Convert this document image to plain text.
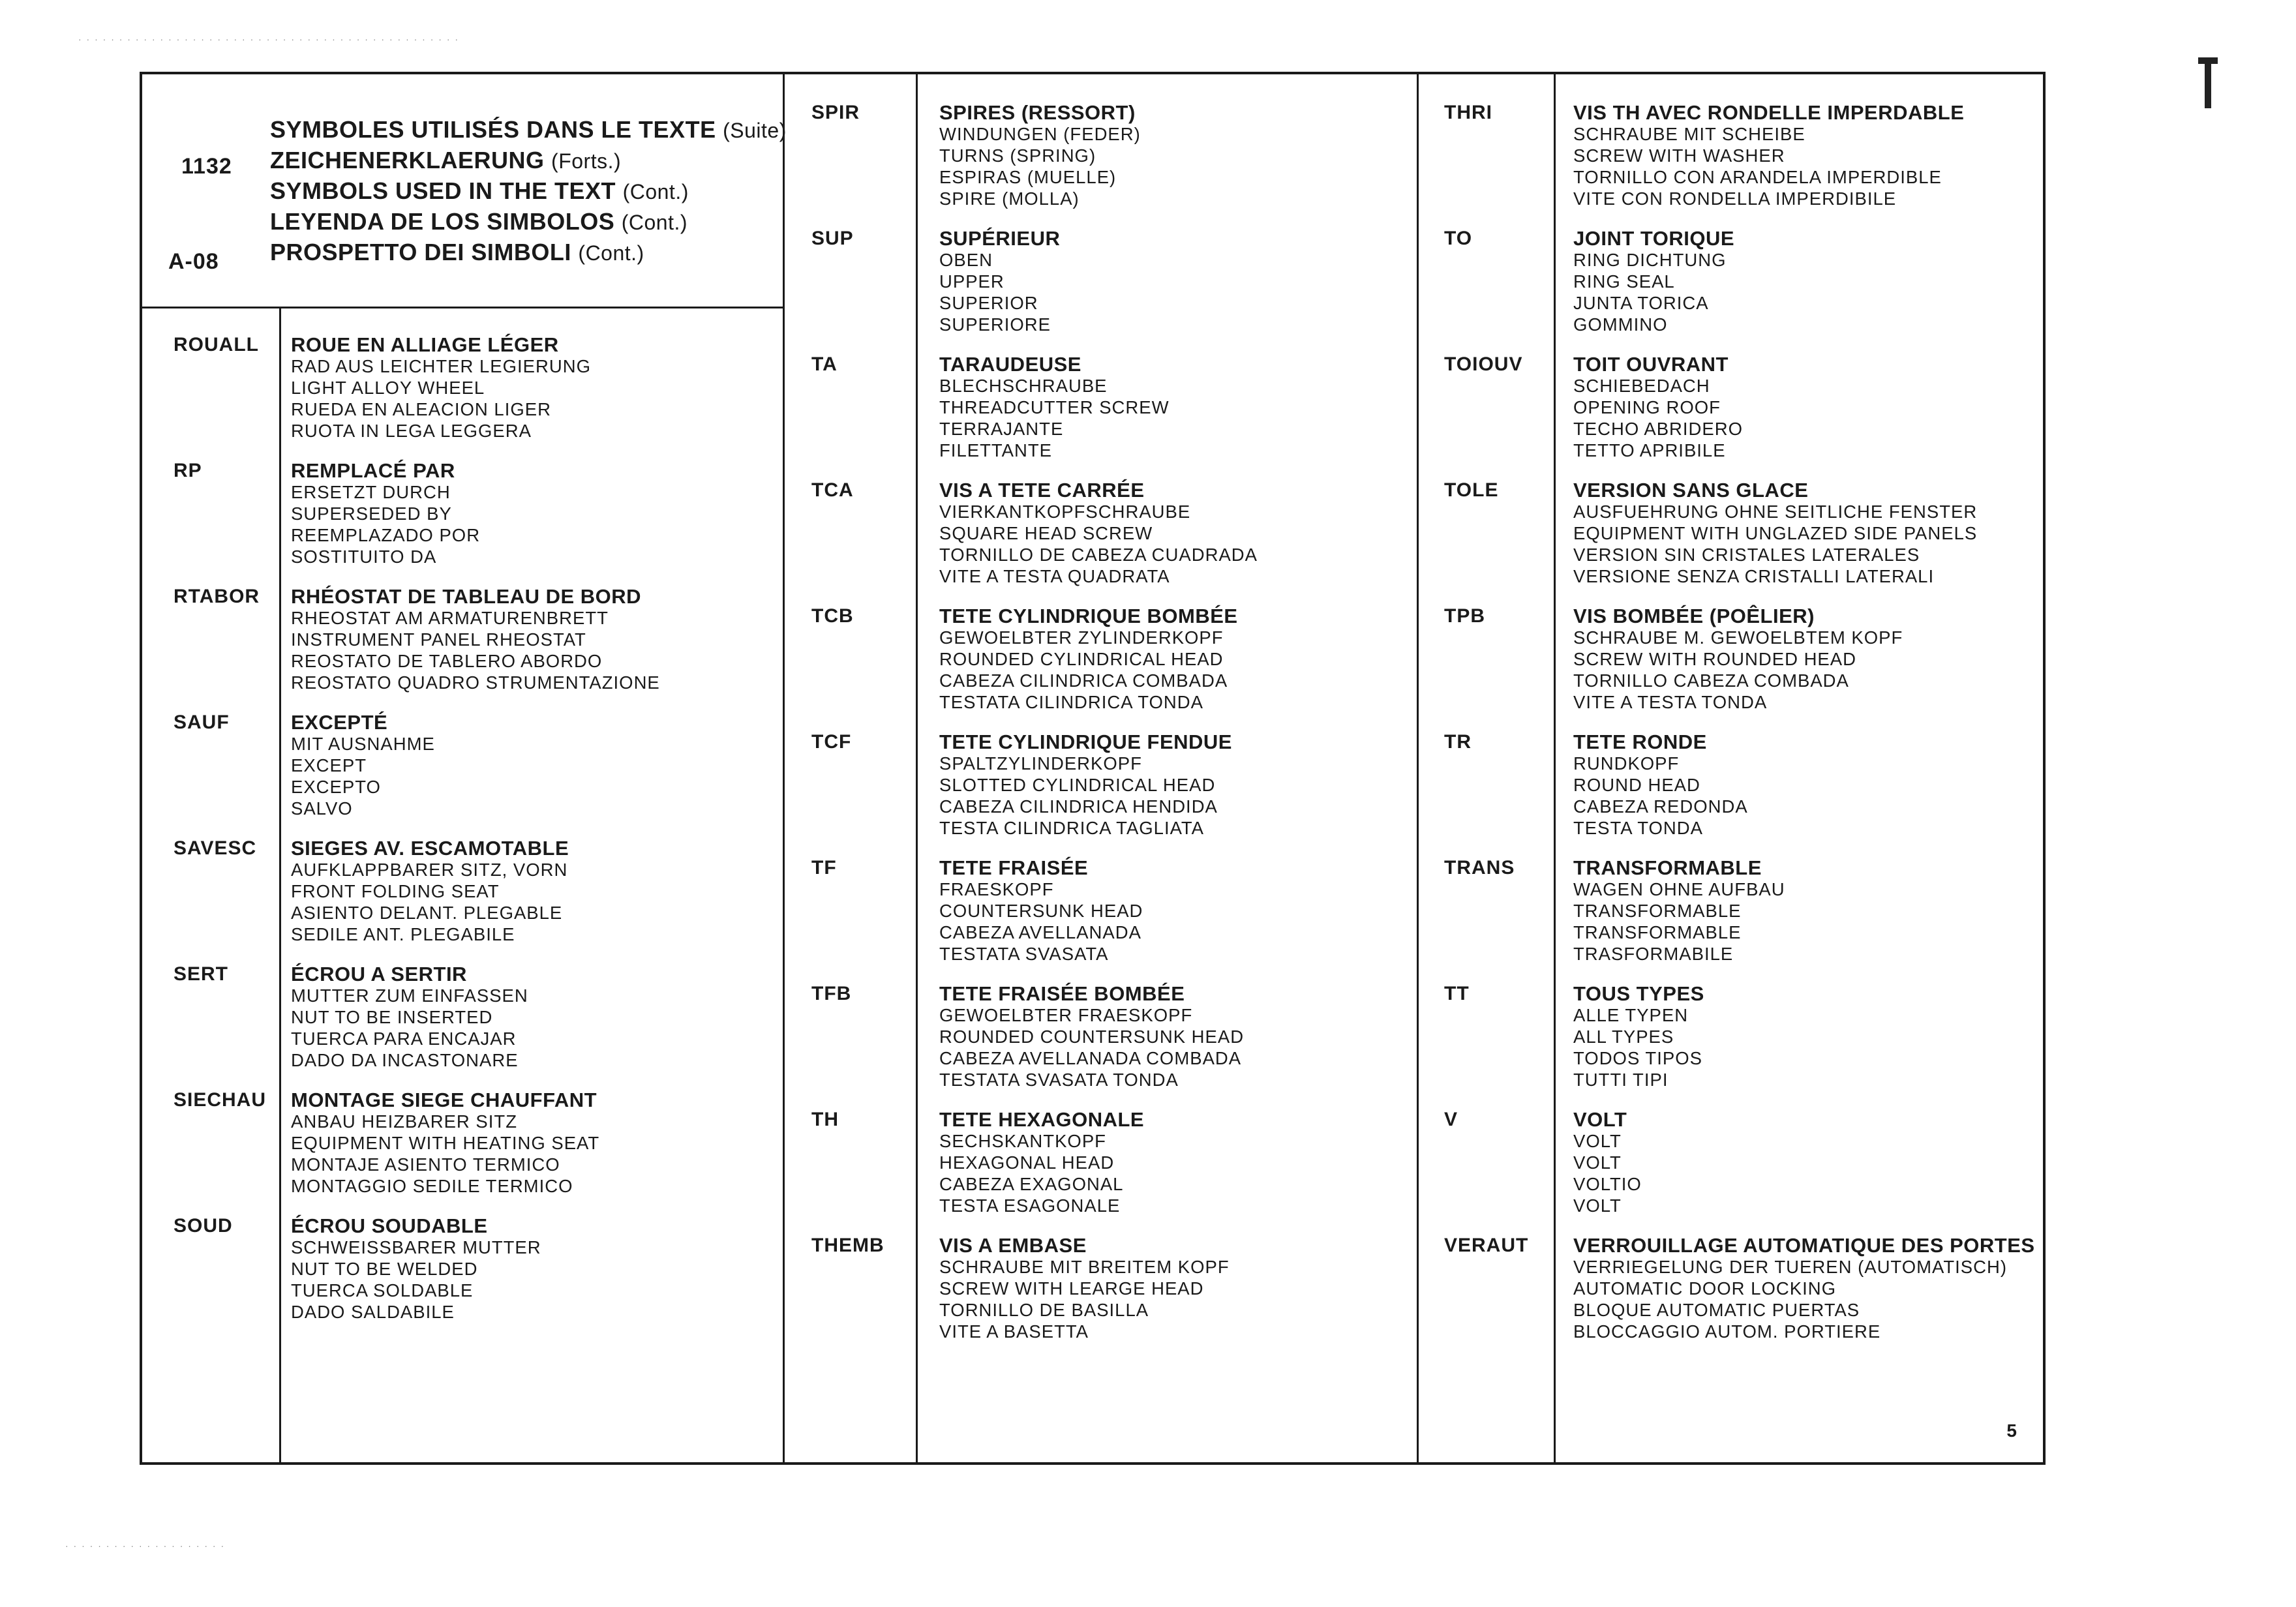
· · · · · · · · · · · · · · · · · · · · · · · · · · · · · · · · · · · · · · · · · · · · · · ·
· · · · · · · · · · · · · · · · · · · ·
1132
A-08
SYMBOLES UTILISÉS DANS LE TEXTE (Suite)
ZEICHENERKLAERUNG (Forts.)
SYMBOLS USED IN THE TEXT (Cont.)
LEYENDA DE LOS SIMBOLOS (Cont.)
PROSPETTO DEI SIMBOLI (Cont.)
ROUALL ROUE EN ALLIAGE LÉGER
RAD AUS LEICHTER LEGIERUNG
LIGHT ALLOY WHEEL
RUEDA EN ALEACION LIGER
RUOTA IN LEGA LEGGERA
RP	REMPLACÉ PAR
ERSETZT DURCH
SUPERSEDED BY
REEMPLAZADO POR
SOSTITUITO DA
RTABOR RHÉOSTAT DE TABLEAU DE BORD
RHEOSTAT AM ARMATURENBRETT
INSTRUMENT PANEL RHEOSTAT
REOSTATO DE TABLERO ABORDO
REOSTATO QUADRO STRUMENTAZIONE
SAUF	EXCEPTÉ
MIT AUSNAHME
EXCEPT
EXCEPTO
SALVO
SAVESC SIEGES AV. ESCAMOTABLE
AUFKLAPPBARER SITZ, VORN
FRONT FOLDING SEAT
ASIENTO DELANT. PLEGABLE
SEDILE ANT. PLEGABILE
SERT	ÉCROU A SERTIR
MUTTER ZUM EINFASSEN
NUT TO BE INSERTED
TUERCA PARA ENCAJAR
DADO DA INCASTONARE
SIECHAU MONTAGE SIEGE CHAUFFANT
ANBAU HEIZBARER SITZ
EQUIPMENT WITH HEATING SEAT
MONTAJE ASIENTO TERMICO
MONTAGGIO SEDILE TERMICO
SOUD	ÉCROU SOUDABLE
SCHWEISSBARER MUTTER
NUT TO BE WELDED
TUERCA SOLDABLE
DADO SALDABILE
SPIR	SPIRES (RESSORT)
WINDUNGEN (FEDER)
TURNS (SPRING)
ESPIRAS (MUELLE)
SPIRE (MOLLA)
SUP	SUPÉRIEUR
OBEN
UPPER
SUPERIOR
SUPERIORE
TA	TARAUDEUSE
BLECHSCHRAUBE
THREADCUTTER SCREW
TERRAJANTE
FILETTANTE
TCA	VIS A TETE CARRÉE
VIERKANTKOPFSCHRAUBE
SQUARE HEAD SCREW
TORNILLO DE CABEZA CUADRADA
VITE A TESTA QUADRATA
TCB	TETE CYLINDRIQUE BOMBÉE
GEWOELBTER ZYLINDERKOPF
ROUNDED CYLINDRICAL HEAD
CABEZA CILINDRICA COMBADA
TESTATA CILINDRICA TONDA
TCF	TETE CYLINDRIQUE FENDUE
SPALTZYLINDERKOPF
SLOTTED CYLINDRICAL HEAD
CABEZA CILINDRICA HENDIDA
TESTA CILINDRICA TAGLIATA
TF	TETE FRAISÉE
FRAESKOPF
COUNTERSUNK HEAD
CABEZA AVELLANADA
TESTATA SVASATA
TFB	TETE FRAISÉE BOMBÉE
GEWOELBTER FRAESKOPF
ROUNDED COUNTERSUNK HEAD
CABEZA AVELLANADA COMBADA
TESTATA SVASATA TONDA
TH	TETE HEXAGONALE
SECHSKANTKOPF
HEXAGONAL HEAD
CABEZA EXAGONAL
TESTA ESAGONALE
THEMB	VIS A EMBASE
SCHRAUBE MIT BREITEM KOPF
SCREW WITH LEARGE HEAD
TORNILLO DE BASILLA
VITE A BASETTA
THRI	VIS TH AVEC RONDELLE IMPERDABLE
SCHRAUBE MIT SCHEIBE
SCREW WITH WASHER
TORNILLO CON ARANDELA IMPERDIBLE
VITE CON RONDELLA IMPERDIBILE
TO	JOINT TORIQUE
RING DICHTUNG
RING SEAL
JUNTA TORICA
GOMMINO
TOIOUV	TOIT OUVRANT
SCHIEBEDACH
OPENING ROOF
TECHO ABRIDERO
TETTO APRIBILE
TOLE	VERSION SANS GLACE
AUSFUEHRUNG OHNE SEITLICHE FENSTER
EQUIPMENT WITH UNGLAZED SIDE PANELS
VERSION SIN CRISTALES LATERALES
VERSIONE SENZA CRISTALLI LATERALI
TPB	VIS BOMBÉE (POÊLIER)
SCHRAUBE M. GEWOELBTEM KOPF
SCREW WITH ROUNDED HEAD
TORNILLO CABEZA COMBADA
VITE A TESTA TONDA
TR	TETE RONDE
RUNDKOPF
ROUND HEAD
CABEZA REDONDA
TESTA TONDA
TRANS	TRANSFORMABLE
WAGEN OHNE AUFBAU
TRANSFORMABLE
TRANSFORMABLE
TRASFORMABILE
TT	TOUS TYPES
ALLE TYPEN
ALL TYPES
TODOS TIPOS
TUTTI TIPI
V	VOLT
VOLT
VOLT
VOLTIO
VOLT
VERAUT VERROUILLAGE AUTOMATIQUE DES PORTES
VERRIEGELUNG DER TUEREN (AUTOMATISCH)
AUTOMATIC DOOR LOCKING
BLOQUE AUTOMATIC PUERTAS
BLOCCAGGIO AUTOM. PORTIERE
5
